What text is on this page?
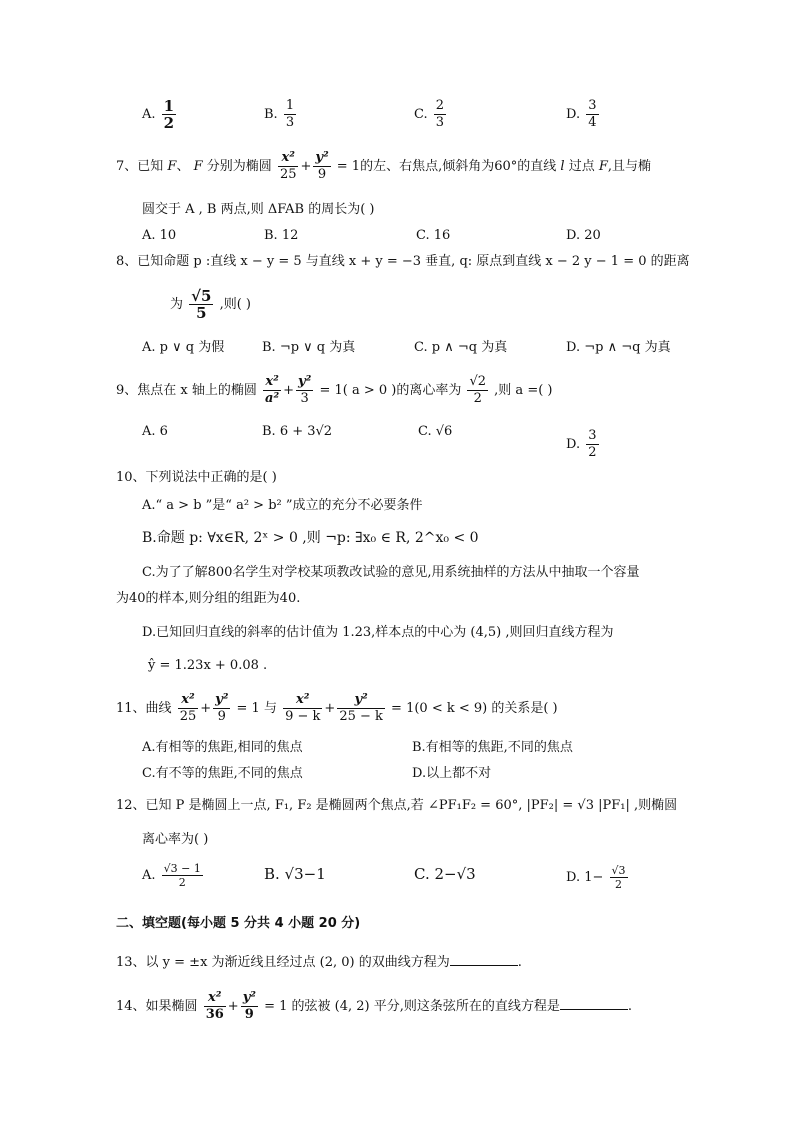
A. $\frac{1}{2}$	B. $\frac{1}{3}$	C. $\frac{2}{3}$	D. $\frac{3}{4}$
7、已知 F、 F 分别为椭圆 $\frac{\text{x²}}{25} + \frac{\text{y²}}{9} = 1$的左、右焦点,倾斜角为60°的直线 l 过点 F,且与椭
圆交于 A , B 两点,则 ΔFAB 的周长为( )
A. 10	B. 12	C. 16	D. 20
8、已知命题 p :直线 x − y = 5 与直线 x + y = −3 垂直, q: 原点到直线 x − 2 y − 1 = 0 的距离
为 $\frac{√5}{5}$ ,则( )
A. p ∨ q 为假	B. ¬p ∨ q 为真	C. p ∧ ¬q 为真	D. ¬p ∧ ¬q 为真
9、焦点在 x 轴上的椭圆 $\frac{\text{x²}}{\text{a²}} + \frac{\text{y²}}{3} = 1$( a > 0 )的离心率为 $\frac{√2}{2}$ ,则 a =( )
A. 6	B. 6 + 3√2	C. √6
D. $\frac{3}{2}$
10、下列说法中正确的是( )
A.“ a > b ”是“ a² > b² ”成立的充分不必要条件
B.命题 p: ∀x∈R, 2ˣ > 0 ,则 ¬p: ∃x₀ ∈ R, 2^x₀ < 0
C.为了了解800名学生对学校某项教改试验的意见,用系统抽样的方法从中抽取一个容量
为40的样本,则分组的组距为40.
D.已知回归直线的斜率的估计值为 1.23,样本点的中心为 (4,5) ,则回归直线方程为
ŷ = 1.23x + 0.08 .
11、曲线 $\frac{\text{x²}}{25} + \frac{\text{y²}}{9} = 1$ 与 $\frac{\text{x²}}{9 - k} + \frac{\text{y²}}{25 - k} = 1(0 < k < 9)$ 的关系是( )
A.有相等的焦距,相同的焦点	B.有相等的焦距,不同的焦点
C.有不等的焦距,不同的焦点	D.以上都不对
12、已知 P 是椭圆上一点, F₁, F₂ 是椭圆两个焦点,若 ∠PF₁F₂ = 60°, |PF₂| = √3 |PF₁| ,则椭圆
离心率为( )
A. $\frac{√3 - 1}{2}$	B. √3−1	C. 2−√3	D. $1- \frac{√3}{2}$
二、填空题(每小题 5 分共 4 小题 20 分)
13、以 y = ±x 为渐近线且经过点 (2, 0) 的双曲线方程为	.
14、如果椭圆 $\frac{\text{x²}}{36} + \frac{\text{y²}}{9} = 1$ 的弦被 (4, 2) 平分,则这条弦所在的直线方程是	.
